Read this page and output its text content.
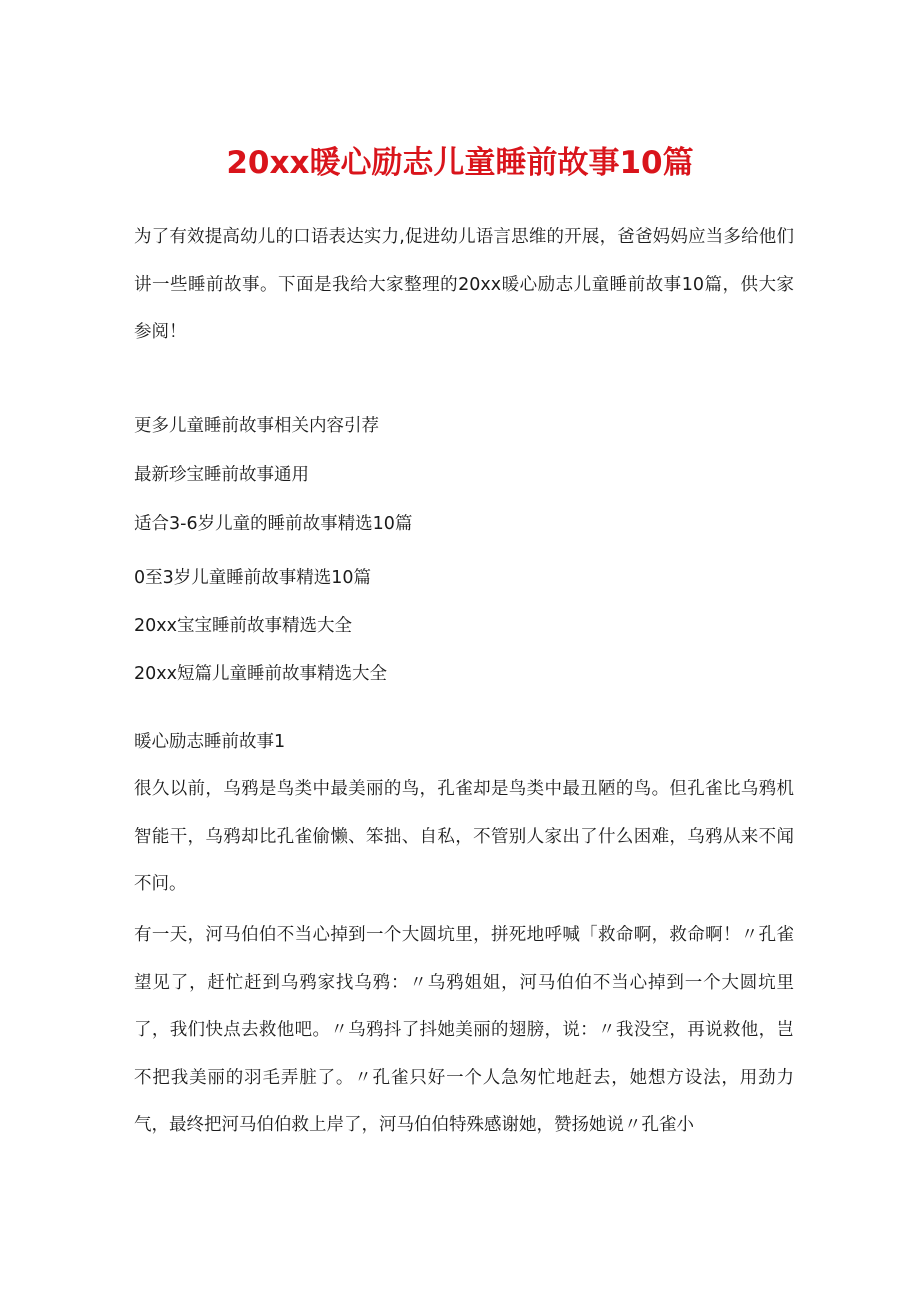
20xx暖心励志儿童睡前故事10篇
为了有效提高幼儿的口语表达实力,促进幼儿语言思维的开展，爸爸妈妈应当多给他们讲一些睡前故事。下面是我给大家整理的20xx暖心励志儿童睡前故事10篇，供大家参阅！
更多儿童睡前故事相关内容引荐
最新珍宝睡前故事通用
适合3-6岁儿童的睡前故事精选10篇
0至3岁儿童睡前故事精选10篇
20xx宝宝睡前故事精选大全
20xx短篇儿童睡前故事精选大全
暖心励志睡前故事1
很久以前，乌鸦是鸟类中最美丽的鸟，孔雀却是鸟类中最丑陋的鸟。但孔雀比乌鸦机智能干，乌鸦却比孔雀偷懒、笨拙、自私，不管别人家出了什么困难，乌鸦从来不闻不问。
有一天，河马伯伯不当心掉到一个大圆坑里，拼死地呼喊「救命啊，救命啊！〃孔雀望见了，赶忙赶到乌鸦家找乌鸦：〃乌鸦姐姐，河马伯伯不当心掉到一个大圆坑里了，我们快点去救他吧。〃乌鸦抖了抖她美丽的翅膀，说：〃我没空，再说救他，岂不把我美丽的羽毛弄脏了。〃孔雀只好一个人急匆忙地赶去，她想方设法，用劲力气，最终把河马伯伯救上岸了，河马伯伯特殊感谢她，赞扬她说〃孔雀小
